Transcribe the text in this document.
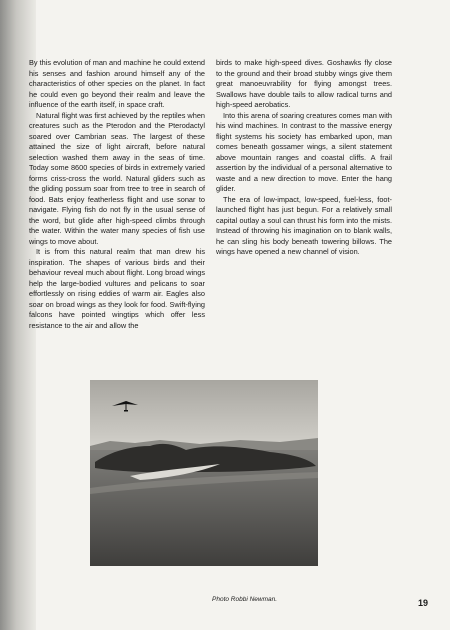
By this evolution of man and machine he could extend his senses and fashion around himself any of the characteristics of other species on the planet. In fact he could even go beyond their realm and leave the influence of the earth itself, in space craft.

Natural flight was first achieved by the reptiles when creatures such as the Pterodon and the Pterodactyl soared over Cambrian seas. The largest of these attained the size of light aircraft, before natural selection washed them away in the seas of time. Today some 8600 species of birds in extremely varied forms criss-cross the world. Natural gliders such as the gliding possum soar from tree to tree in search of food. Bats enjoy featherless flight and use sonar to navigate. Flying fish do not fly in the usual sense of the word, but glide after high-speed climbs through the water. Within the water many species of fish use wings to move about.

It is from this natural realm that man drew his inspiration. The shapes of various birds and their behaviour reveal much about flight. Long broad wings help the large-bodied vultures and pelicans to soar effortlessly on rising eddies of warm air. Eagles also soar on broad wings as they look for food. Swift-flying falcons have pointed wingtips which offer less resistance to the air and allow the

birds to make high-speed dives. Goshawks fly close to the ground and their broad stubby wings give them great manoeuvrability for flying amongst trees. Swallows have double tails to allow radical turns and high-speed aerobatics.

Into this arena of soaring creatures comes man with his wind machines. In contrast to the massive energy flight systems his society has embarked upon, man comes beneath gossamer wings, a silent statement above mountain ranges and coastal cliffs. A frail assertion by the individual of a personal alternative to waste and a new direction to move. Enter the hang glider.

The era of low-impact, low-speed, fuel-less, foot-launched flight has just begun. For a relatively small capital outlay a soul can thrust his form into the mists. Instead of throwing his imagination on to blank walls, he can sling his body beneath towering billows. The wings have opened a new channel of vision.

Photo Robbi Newman.	19
